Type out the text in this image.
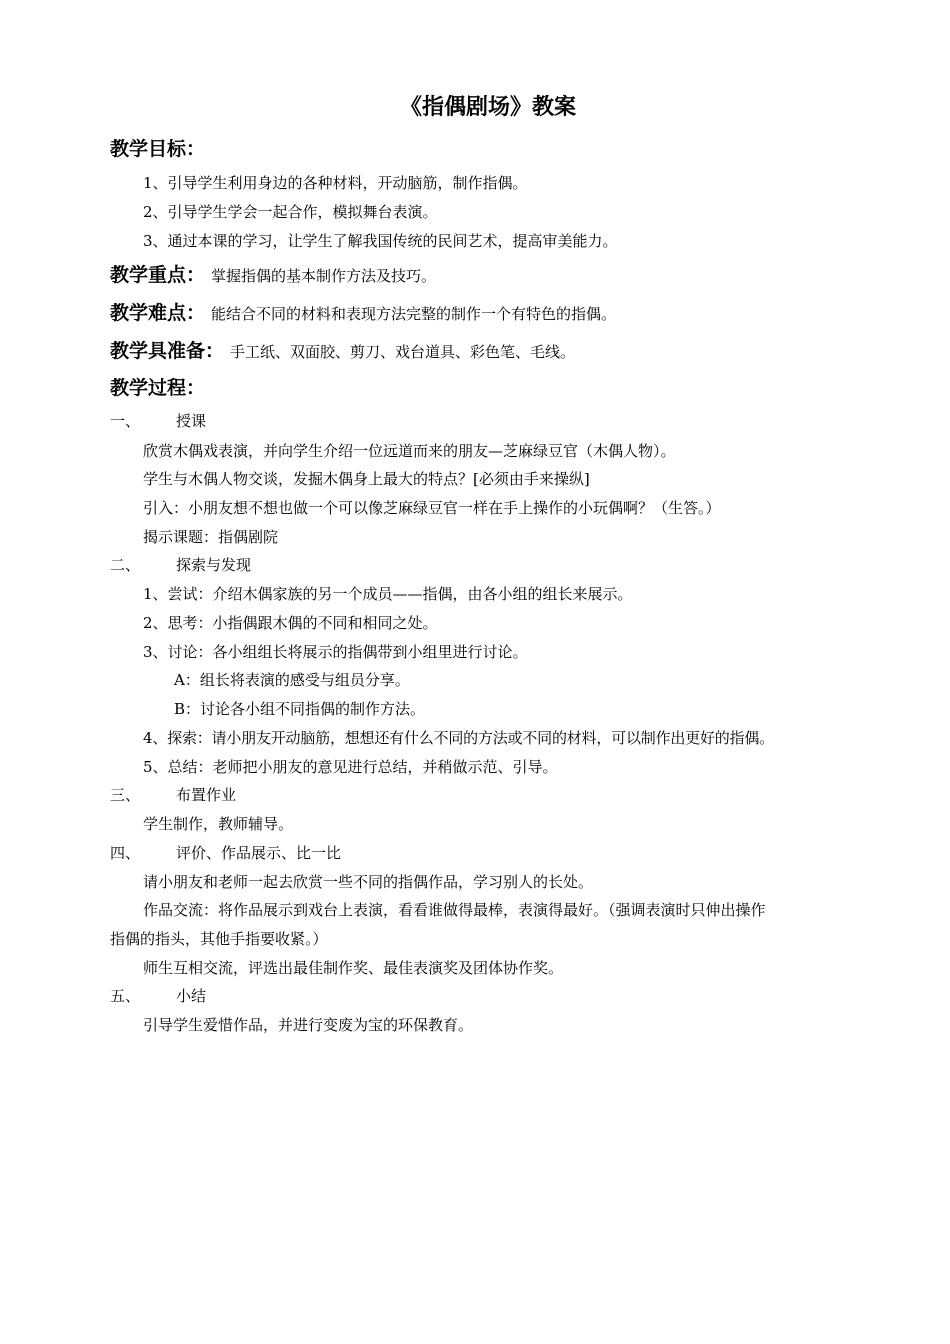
《指偶剧场》教案
教学目标：
1、引导学生利用身边的各种材料，开动脑筋，制作指偶。
2、引导学生学会一起合作，模拟舞台表演。
3、通过本课的学习，让学生了解我国传统的民间艺术，提高审美能力。
教学重点： 掌握指偶的基本制作方法及技巧。
教学难点： 能结合不同的材料和表现方法完整的制作一个有特色的指偶。
教学具准备： 手工纸、双面胶、剪刀、戏台道具、彩色笔、毛线。
教学过程：
一、 授课
欣赏木偶戏表演，并向学生介绍一位远道而来的朋友—芝麻绿豆官（木偶人物）。
学生与木偶人物交谈，发掘木偶身上最大的特点？[必须由手来操纵]
引入：小朋友想不想也做一个可以像芝麻绿豆官一样在手上操作的小玩偶啊？（生答。）
揭示课题：指偶剧院
二、 探索与发现
1、尝试：介绍木偶家族的另一个成员——指偶，由各小组的组长来展示。
2、思考：小指偶跟木偶的不同和相同之处。
3、讨论：各小组组长将展示的指偶带到小组里进行讨论。
A：组长将表演的感受与组员分享。
B：讨论各小组不同指偶的制作方法。
4、探索：请小朋友开动脑筋，想想还有什么不同的方法或不同的材料，可以制作出更好的指偶。
5、总结：老师把小朋友的意见进行总结，并稍做示范、引导。
三、 布置作业
学生制作，教师辅导。
四、 评价、作品展示、比一比
请小朋友和老师一起去欣赏一些不同的指偶作品，学习别人的长处。
作品交流：将作品展示到戏台上表演，看看谁做得最棒，表演得最好。（强调表演时只伸出操作
指偶的指头，其他手指要收紧。）
师生互相交流，评选出最佳制作奖、最佳表演奖及团体协作奖。
五、 小结
引导学生爱惜作品，并进行变废为宝的环保教育。
